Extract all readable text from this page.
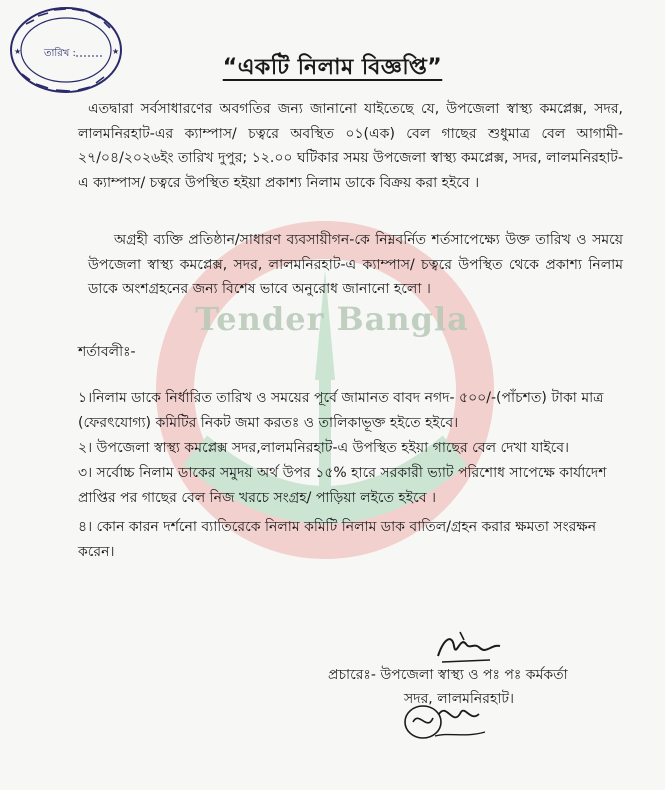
Tender Bangla
তারিখ :
★	★
“একটি নিলাম বিজ্ঞপ্তি”

এতদ্বারা সর্বসাধারণের অবগতির জন্য জানানো যাইতেছে যে, উপজেলা স্বাস্থ্য কমপ্লেক্স, সদর, লালমনিরহাট-এর ক্যাম্পাস/ চত্বরে অবস্থিত ০১(এক) বেল গাছের শুধুমাত্র বেল আগামী- ২৭/০৪/২০২৬ইং তারিখ দুপুর; ১২.০০ ঘটিকার সময় উপজেলা স্বাস্থ্য কমপ্লেক্স, সদর, লালমনিরহাট-এ ক্যাম্পাস/ চত্বরে উপস্থিত হইয়া প্রকাশ্য নিলাম ডাকে বিক্রয় করা হইবে ।

অগ্রহী ব্যক্তি প্রতিষ্ঠান/সাধারণ ব্যবসায়ীগন-কে নিম্নবর্নিত শর্তসাপেক্ষ্যে উক্ত তারিখ ও সময়ে উপজেলা স্বাস্থ্য কমপ্লেক্স, সদর, লালমনিরহাট-এ ক্যাম্পাস/ চত্বরে উপস্থিত থেকে প্রকাশ্য নিলাম ডাকে অংশগ্রহনের জন্য বিশেষ ভাবে অনুরোধ জানানো হলো ।

শর্তাবলীঃ-

১।নিলাম ডাকে নির্ধারিত তারিখ ও সময়ের পূর্বে জামানত বাবদ নগদ- ৫০০/-(পাঁচশত) টাকা মাত্র (ফেরৎযোগ্য) কমিটির নিকট জমা করতঃ ও তালিকাভূক্ত হইতে হইবে।

২। উপজেলা স্বাস্থ্য কমপ্লেক্স সদর,লালমনিরহাট-এ উপস্থিত হইয়া গাছের বেল দেখা যাইবে।

৩। সর্বোচ্চ নিলাম ডাকের সমুদয় অর্থ উপর ১৫% হারে সরকারী ভ্যাট পরিশোধ সাপেক্ষে কার্যাদেশ প্রাপ্তির পর গাছের বেল নিজ খরচে সংগ্রহ/ পাড়িয়া লইতে হইবে ।

৪। কোন কারন দর্শনো ব্যাতিরেকে নিলাম কমিটি নিলাম ডাক বাতিল/গ্রহন করার ক্ষমতা সংরক্ষন করেন।

প্রচারেঃ- উপজেলা স্বাস্থ্য ও পঃ পঃ কর্মকর্তা
সদর, লালমনিরহাট।
